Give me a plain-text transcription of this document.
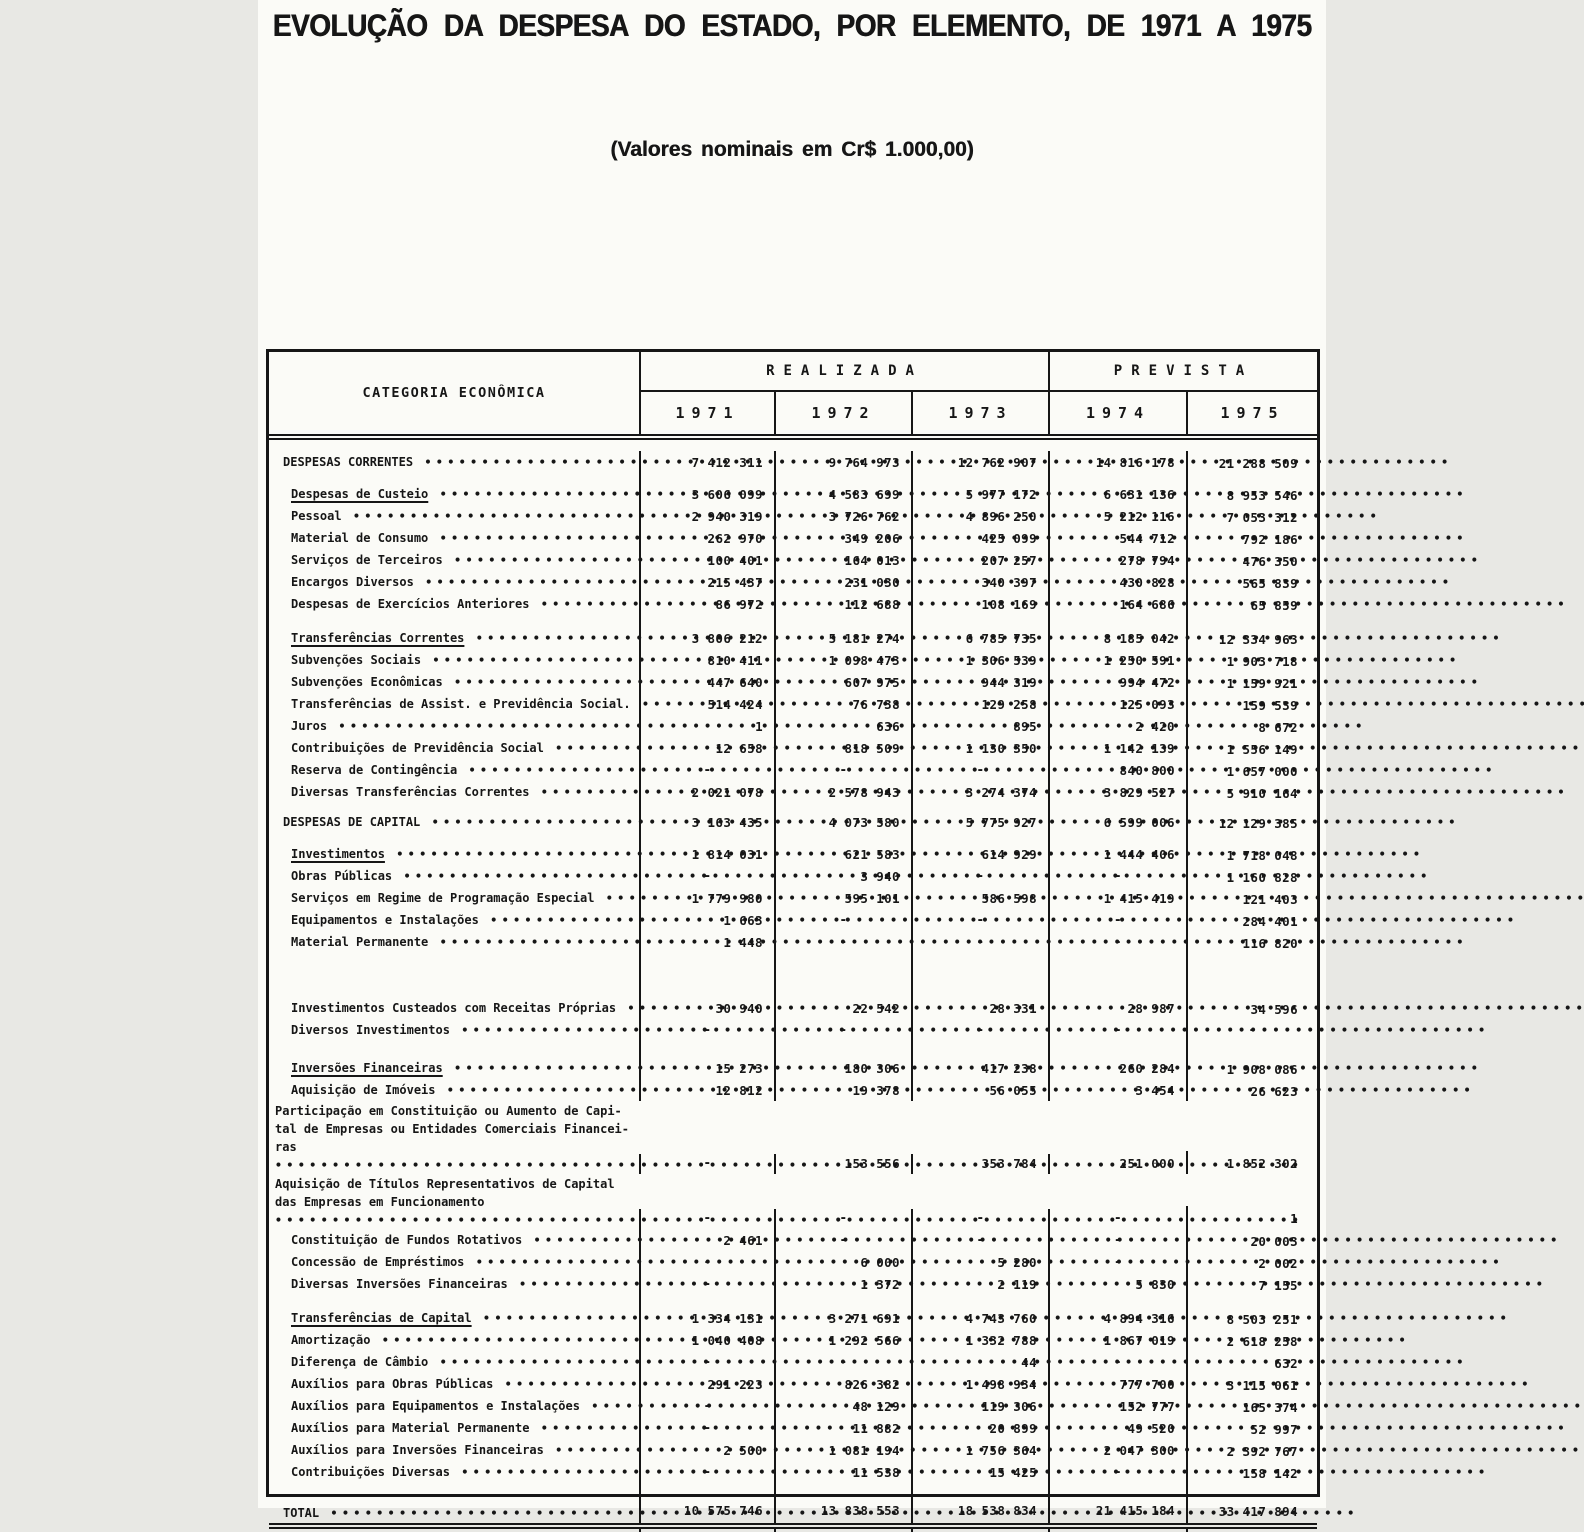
EVOLUÇÃO DA DESPESA DO ESTADO, POR ELEMENTO, DE 1971 A 1975
(Valores nominais em Cr$ 1.000,00)
CATEGORIA ECONÔMICA
REALIZADA	PREVISTA
1971	1972	1973	1974	1975
DESPESAS CORRENTES •••••	7 412 311	9 764 973	12 762 907	14 816 178	21 288 509
Despesas de Custeio •••••	3 606 099	4 583 699	5 977 172	6 631 136	8 953 546
Pessoal •••••	2 940 319	3 726 762	4 896 250	5 212 116	7 053 312
Material de Consumo •••••	262 970	349 206	425 099	544 712	792 186
Serviços de Terceiros •••••	100 401	164 013	207 257	278 794	476 350
Encargos Diversos •••••	215 437	231 030	340 397	430 828	565 839
Despesas de Exercícios Anteriores •••••	86 972	112 688	108 169	164 686	65 859
Transferências Correntes •••••	3 806 212	5 181 274	6 785 735	8 185 042	12 334 963
Subvenções Sociais •••••	810 411	1 098 473	1 306 539	1 250 591	1 903 718
Subvenções Econômicas •••••	447 640	607 975	944 319	994 472	1 159 921
Transferências de Assist. e Previdência Social. •••••	514 424	76 738	129 258	125 093	159 539
Juros •••••	1	636	895	2 420	8 672
Contribuições de Previdência Social •••••	12 658	818 509	1 130 350	1 142 139	1 556 149
Reserva de Contingência •••••	-	-	-	840 800	1 657 000
Diversas Transferências Correntes •••••	2 021 078	2 578 943	3 274 374	3 829 527	5 910 164
DESPESAS DE CAPITAL •••••	3 163 435	4 073 580	5 775 927	6 599 006	12 129 385
Investimentos •••••	1 814 031	621 583	614 929	1 444 406	1 718 048
Obras Públicas •••••	-	3 940	-	-	1 160 828
Serviços em Regime de Programação Especial •••••	1 779 980	595 101	586 598	1 415 419	121 403
Equipamentos e Instalações •••••	1 663	-	-	-	284 401
Material Permanente •••••	1 448	-	-	-	116 820
Investimentos Custeados com Receitas Próprias •••••	30 940	22 542	28 331	28 987	34 596
Diversos Investimentos •••••	-	-	-	-	-
Inversões Financeiras •••••	15 273	180 306	417 238	260 284	1 908 086
Aquisição de Imóveis •••••	12 812	19 378	56 055	3 454	26 623
Participação em Constituição ou Aumento de Capi-
tal de Empresas ou Entidades Comerciais Financei-
ras •••••
-	153 556	353 784	251 000	1 852 302
Aquisição de Títulos Representativos de Capital
das Empresas em Funcionamento •••••
-	-	-	-	1
Constituição de Fundos Rotativos •••••	2 461	-	-	-	20 003
Concessão de Empréstimos •••••	-	6 000	5 280	-	2 002
Diversas Inversões Financeiras •••••	-	1 372	2 119	5 830	7 155
Transferências de Capital •••••	1 334 131	3 271 691	4 743 760	4 894 316	8 503 251
Amortização •••••	1 040 408	1 292 566	1 332 788	1 867 019	2 618 258
Diferença de Câmbio •••••	-	-	44	-	632
Auxílios para Obras Públicas •••••	291 223	826 382	1 498 934	777 700	3 115 061
Auxílios para Equipamentos e Instalações •••••	-	48 129	119 306	152 777	165 374
Auxílios para Material Permanente •••••	-	11 882	20 899	49 520	52 997
Auxílios para Inversões Financeiras •••••	2 500	1 081 194	1 756 364	2 047 300	2 392 767
Contribuições Diversas •••••	-	11 538	15 425	-	158 142
TOTAL •••••	10 575 746	13 838 553	18 538 834	21 415 184	33 417 894
